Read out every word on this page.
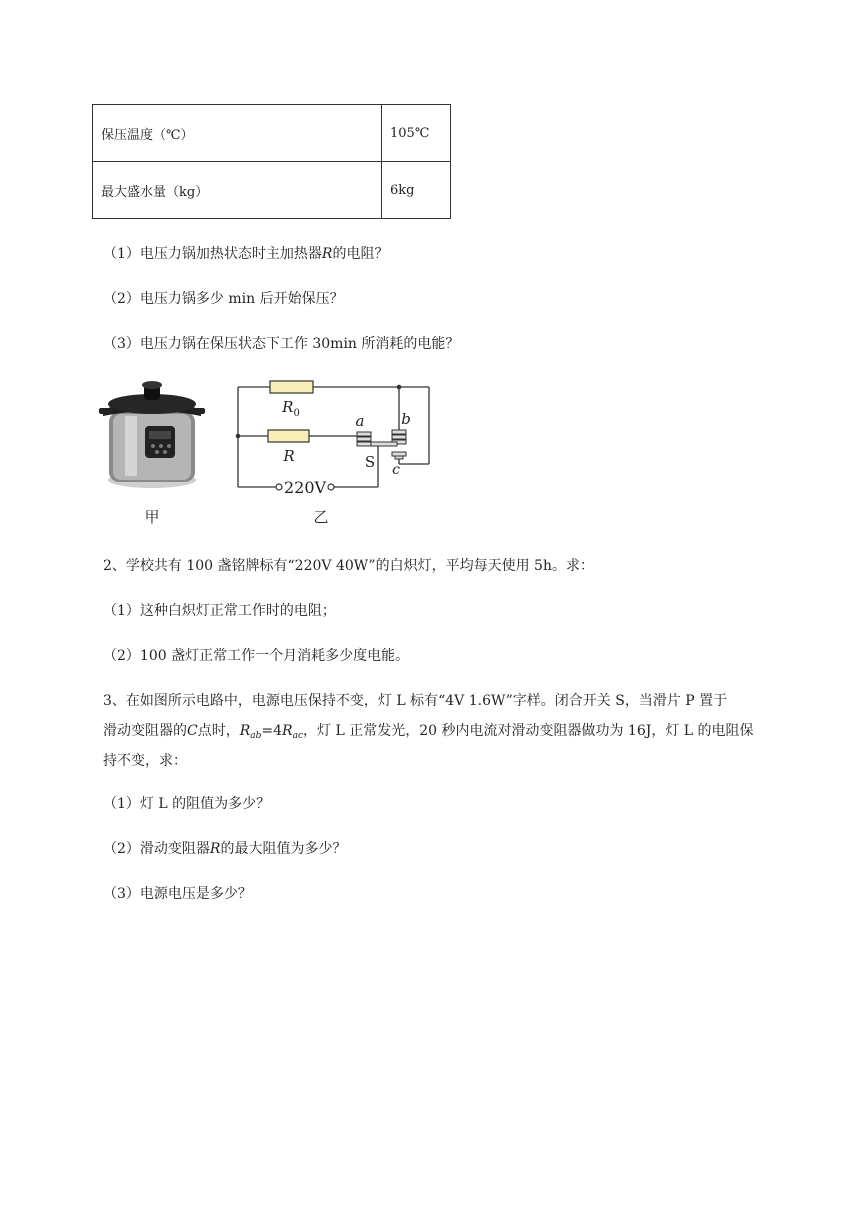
保压温度（℃）	105℃
最大盛水量（kg）	6kg
（1）电压力锅加热状态时主加热器R的电阻？
（2）电压力锅多少 min 后开始保压？
（3）电压力锅在保压状态下工作 30min 所消耗的电能？
甲
$R_0$
R
a b
c
S
220V
乙
2、学校共有 100 盏铭牌标有“220V 40W”的白炽灯，平均每天使用 5h。求：
（1）这种白炽灯正常工作时的电阻；
（2）100 盏灯正常工作一个月消耗多少度电能。
3、在如图所示电路中，电源电压保持不变，灯 L 标有“4V 1.6W”字样。闭合开关 S，当滑片 P 置于
滑动变阻器的C点时，$R_{ab}=4R_{ac}$，灯 L 正常发光，20 秒内电流对滑动变阻器做功为 16J，灯 L 的电阻保
持不变，求：
（1）灯 L 的阻值为多少？
（2）滑动变阻器R的最大阻值为多少？
（3）电源电压是多少？
